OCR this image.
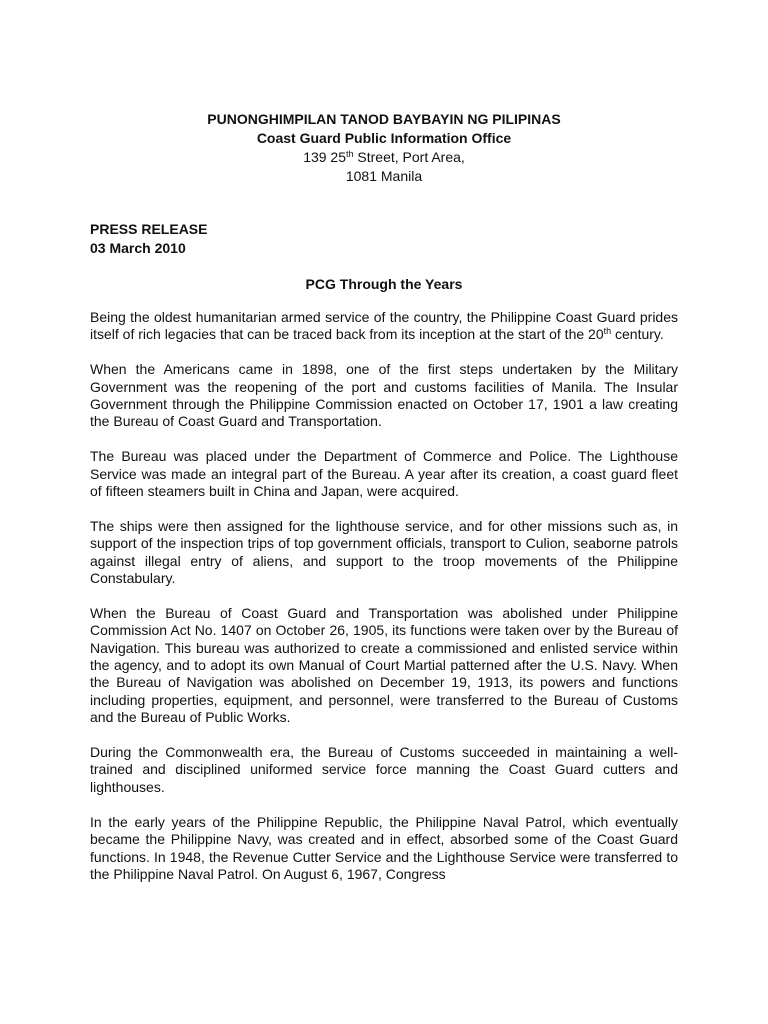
PUNONGHIMPILAN TANOD BAYBAYIN NG PILIPINAS
Coast Guard Public Information Office
139 25th Street, Port Area,
1081 Manila
PRESS RELEASE
03 March 2010
PCG Through the Years

Being the oldest humanitarian armed service of the country, the Philippine Coast Guard prides itself of rich legacies that can be traced back from its inception at the start of the 20th century.

When the Americans came in 1898, one of the first steps undertaken by the Military Government was the reopening of the port and customs facilities of Manila. The Insular Government through the Philippine Commission enacted on October 17, 1901 a law creating the Bureau of Coast Guard and Transportation.

The Bureau was placed under the Department of Commerce and Police. The Lighthouse Service was made an integral part of the Bureau. A year after its creation, a coast guard fleet of fifteen steamers built in China and Japan, were acquired.

The ships were then assigned for the lighthouse service, and for other missions such as, in support of the inspection trips of top government officials, transport to Culion, seaborne patrols against illegal entry of aliens, and support to the troop movements of the Philippine Constabulary.

When the Bureau of Coast Guard and Transportation was abolished under Philippine Commission Act No. 1407 on October 26, 1905, its functions were taken over by the Bureau of Navigation. This bureau was authorized to create a commissioned and enlisted service within the agency, and to adopt its own Manual of Court Martial patterned after the U.S. Navy. When the Bureau of Navigation was abolished on December 19, 1913, its powers and functions including properties, equipment, and personnel, were transferred to the Bureau of Customs and the Bureau of Public Works.

During the Commonwealth era, the Bureau of Customs succeeded in maintaining a well-trained and disciplined uniformed service force manning the Coast Guard cutters and lighthouses.

In the early years of the Philippine Republic, the Philippine Naval Patrol, which eventually became the Philippine Navy, was created and in effect, absorbed some of the Coast Guard functions. In 1948, the Revenue Cutter Service and the Lighthouse Service were transferred to the Philippine Naval Patrol. On August 6, 1967, Congress
